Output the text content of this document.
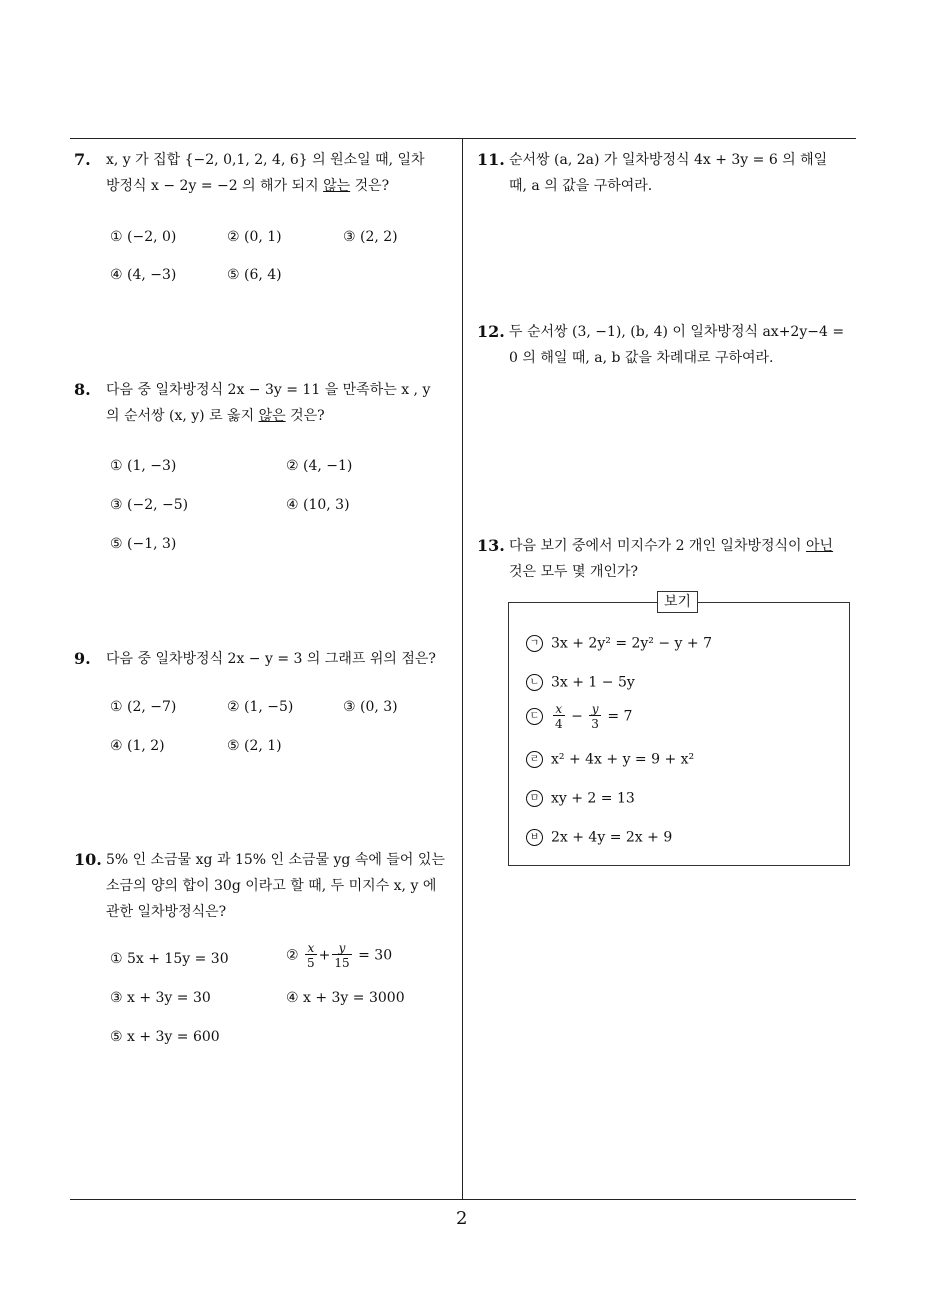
7. x, y 가 집합 {−2, 0,1, 2, 4, 6} 의 원소일 때, 일차
방정식 x − 2y = −2 의 해가 되지 않는 것은?
① (−2, 0)	② (0, 1)	③ (2, 2)
④ (4, −3)	⑤ (6, 4)
8. 다음 중 일차방정식 2x − 3y = 11 을 만족하는 x , y
의 순서쌍 (x, y) 로 옳지 않은 것은?
① (1, −3)	② (4, −1)
③ (−2, −5)	④ (10, 3)
⑤ (−1, 3)
9. 다음 중 일차방정식 2x − y = 3 의 그래프 위의 점은?
① (2, −7)	② (1, −5)	③ (0, 3)
④ (1, 2)	⑤ (2, 1)
10. 5% 인 소금물 xg 과 15% 인 소금물 yg 속에 들어 있는
소금의 양의 합이 30g 이라고 할 때, 두 미지수 x, y 에
관한 일차방정식은?
① 5x + 15y = 30	② $\frac{x}{5} + \frac{y}{15} = 30$
③ x + 3y = 30	④ x + 3y = 3000
⑤ x + 3y = 600
11. 순서쌍 (a, 2a) 가 일차방정식 4x + 3y = 6 의 해일
때, a 의 값을 구하여라.
12. 두 순서쌍 (3, −1), (b, 4) 이 일차방정식 ax+2y−4 =
0 의 해일 때, a, b 값을 차례대로 구하여라.
13. 다음 보기 중에서 미지수가 2 개인 일차방정식이 아닌
것은 모두 몇 개인가?
보기
ㄱ 3x + 2y² = 2y² − y + 7
ㄴ 3x + 1 − 5y
ㄷ $\frac{x}{4} - \frac{y}{3} = 7$
ㄹ x² + 4x + y = 9 + x²
ㅁ xy + 2 = 13
ㅂ 2x + 4y = 2x + 9
2
